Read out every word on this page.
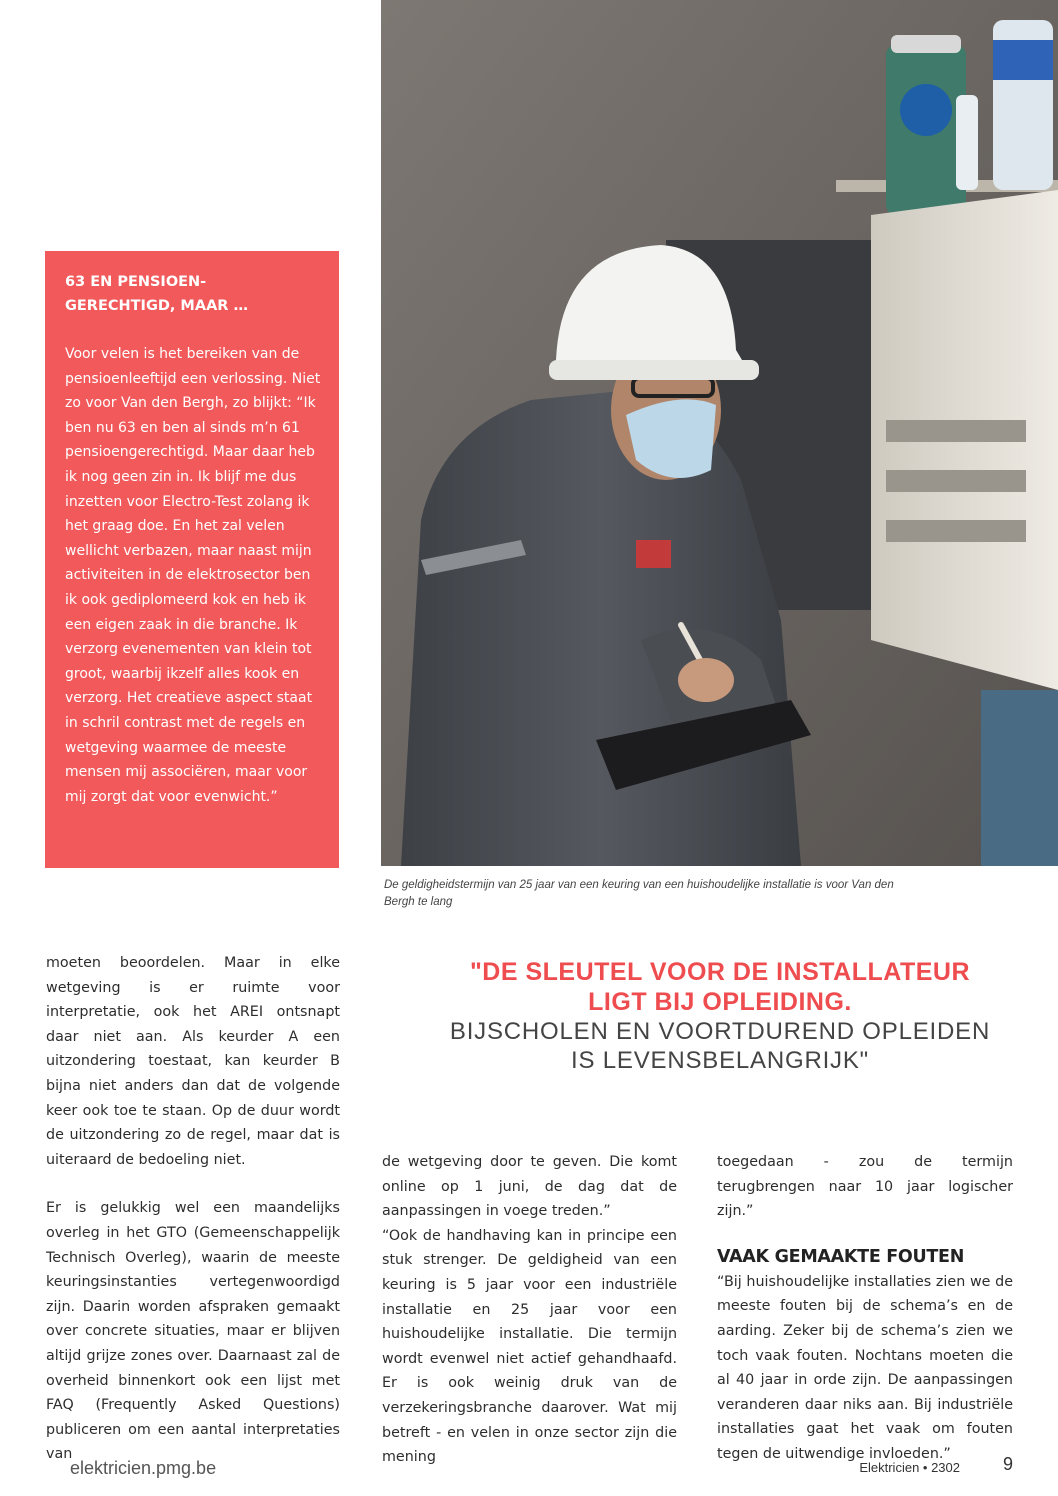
63 EN PENSIOEN-
GERECHTIGD, MAAR …

Voor velen is het bereiken van de pensioenleeftijd een verlossing. Niet zo voor Van den Bergh, zo blijkt: “Ik ben nu 63 en ben al sinds m’n 61 pensioengerechtigd. Maar daar heb ik nog geen zin in. Ik blijf me dus inzetten voor Electro-Test zolang ik het graag doe. En het zal velen wellicht verbazen, maar naast mijn activiteiten in de elektrosector ben ik ook gediplomeerd kok en heb ik een eigen zaak in die branche. Ik verzorg evenementen van klein tot groot, waarbij ikzelf alles kook en verzorg. Het creatieve aspect staat in schril contrast met de regels en wetgeving waarmee de meeste mensen mij associëren, maar voor mij zorgt dat voor evenwicht.”

De geldigheidstermijn van 25 jaar van een keuring van een huishoudelijke installatie is voor Van den Bergh te lang
"DE SLEUTEL VOOR DE INSTALLATEUR
LIGT BIJ OPLEIDING.
BIJSCHOLEN EN VOORTDUREND OPLEIDEN
IS LEVENSBELANGRIJK"

moeten beoordelen. Maar in elke wetgeving is er ruimte voor interpretatie, ook het AREI ontsnapt daar niet aan. Als keurder A een uitzondering toestaat, kan keurder B bijna niet anders dan dat de volgende keer ook toe te staan. Op de duur wordt de uitzondering zo de regel, maar dat is uiteraard de bedoeling niet.

Er is gelukkig wel een maandelijks overleg in het GTO (Gemeenschappelijk Technisch Overleg), waarin de meeste keuringsinstanties vertegenwoordigd zijn. Daarin worden afspraken gemaakt over concrete situaties, maar er blijven altijd grijze zones over. Daarnaast zal de overheid binnenkort ook een lijst met FAQ (Frequently Asked Questions) publiceren om een aantal interpretaties van

de wetgeving door te geven. Die komt online op 1 juni, de dag dat de aanpassingen in voege treden.”

“Ook de handhaving kan in principe een stuk strenger. De geldigheid van een keuring is 5 jaar voor een industriële installatie en 25 jaar voor een huishoudelijke installatie. Die termijn wordt evenwel niet actief gehandhaafd. Er is ook weinig druk van de verzekeringsbranche daarover. Wat mij betreft - en velen in onze sector zijn die mening

toegedaan - zou de termijn terugbrengen naar 10 jaar logischer zijn.”

VAAK GEMAAKTE FOUTEN

“Bij huishoudelijke installaties zien we de meeste fouten bij de schema’s en de aarding. Zeker bij de schema’s zien we toch vaak fouten. Nochtans moeten die al 40 jaar in orde zijn. De aanpassingen veranderen daar niks aan. Bij industriële installaties gaat het vaak om fouten tegen de uitwendige invloeden.”

elektricien.pmg.be	Elektricien • 2302	9
